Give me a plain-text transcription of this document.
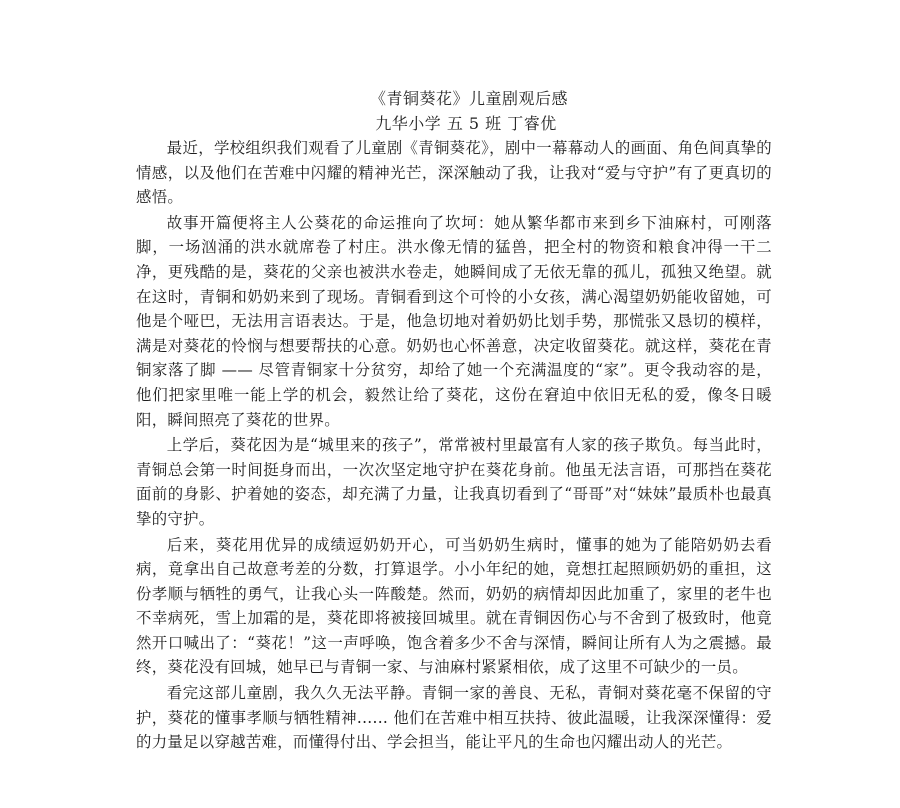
《青铜葵花》儿童剧观后感

九华小学 五 5 班 丁睿优

最近，学校组织我们观看了儿童剧《青铜葵花》，剧中一幕幕动人的画面、角色间真挚的情感，以及他们在苦难中闪耀的精神光芒，深深触动了我，让我对“爱与守护”有了更真切的感悟。

故事开篇便将主人公葵花的命运推向了坎坷：她从繁华都市来到乡下油麻村，可刚落脚，一场汹涌的洪水就席卷了村庄。洪水像无情的猛兽，把全村的物资和粮食冲得一干二净，更残酷的是，葵花的父亲也被洪水卷走，她瞬间成了无依无靠的孤儿，孤独又绝望。就在这时，青铜和奶奶来到了现场。青铜看到这个可怜的小女孩，满心渴望奶奶能收留她，可他是个哑巴，无法用言语表达。于是，他急切地对着奶奶比划手势，那慌张又恳切的模样，满是对葵花的怜悯与想要帮扶的心意。奶奶也心怀善意，决定收留葵花。就这样，葵花在青铜家落了脚 —— 尽管青铜家十分贫穷，却给了她一个充满温度的“家”。更令我动容的是，他们把家里唯一能上学的机会，毅然让给了葵花，这份在窘迫中依旧无私的爱，像冬日暖阳，瞬间照亮了葵花的世界。

上学后，葵花因为是“城里来的孩子”，常常被村里最富有人家的孩子欺负。每当此时，青铜总会第一时间挺身而出，一次次坚定地守护在葵花身前。他虽无法言语，可那挡在葵花面前的身影、护着她的姿态，却充满了力量，让我真切看到了“哥哥”对“妹妹”最质朴也最真挚的守护。

后来，葵花用优异的成绩逗奶奶开心，可当奶奶生病时，懂事的她为了能陪奶奶去看病，竟拿出自己故意考差的分数，打算退学。小小年纪的她，竟想扛起照顾奶奶的重担，这份孝顺与牺牲的勇气，让我心头一阵酸楚。然而，奶奶的病情却因此加重了，家里的老牛也不幸病死，雪上加霜的是，葵花即将被接回城里。就在青铜因伤心与不舍到了极致时，他竟然开口喊出了：“葵花！”这一声呼唤，饱含着多少不舍与深情，瞬间让所有人为之震撼。最终，葵花没有回城，她早已与青铜一家、与油麻村紧紧相依，成了这里不可缺少的一员。

看完这部儿童剧，我久久无法平静。青铜一家的善良、无私，青铜对葵花毫不保留的守护，葵花的懂事孝顺与牺牲精神...... 他们在苦难中相互扶持、彼此温暖，让我深深懂得：爱的力量足以穿越苦难，而懂得付出、学会担当，能让平凡的生命也闪耀出动人的光芒。
